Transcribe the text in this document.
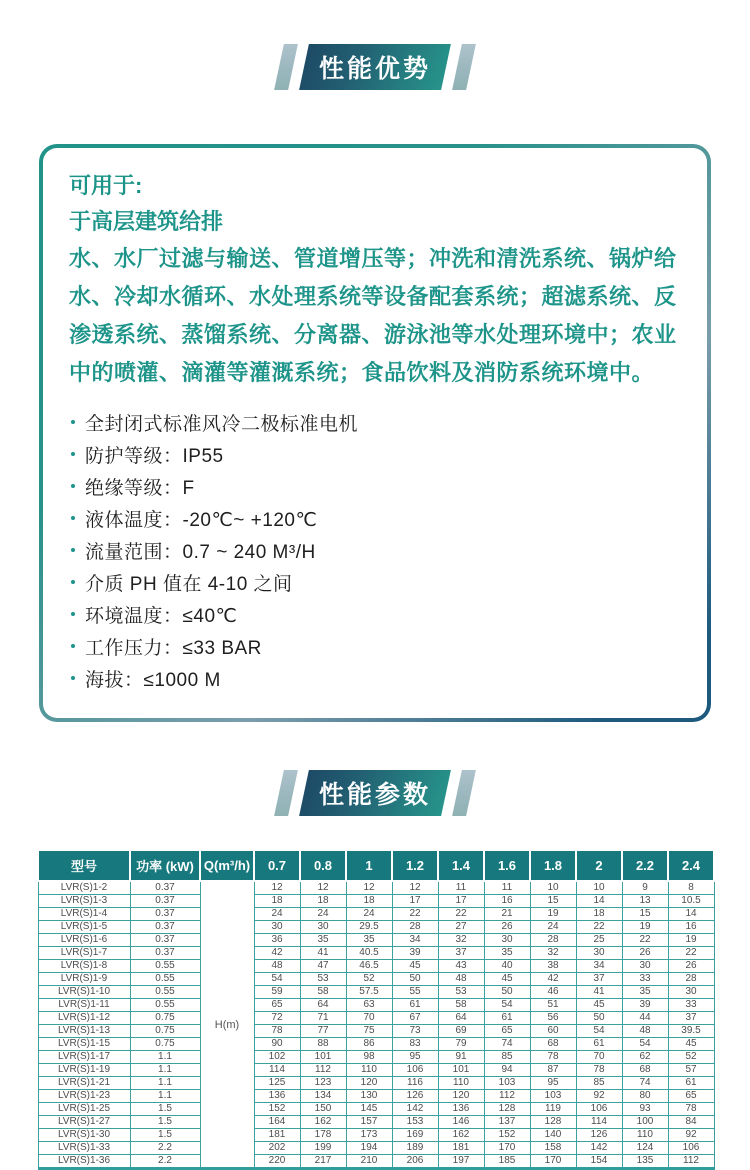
性能优势
可用于:
于高层建筑给排
水、水厂过滤与输送、管道增压等；冲洗和清洗系统、锅炉给水、冷却水循环、水处理系统等设备配套系统；超滤系统、反渗透系统、蒸馏系统、分离器、游泳池等水处理环境中；农业中的喷灌、滴灌等灌溉系统；食品饮料及消防系统环境中。
全封闭式标准风冷二极标准电机
防护等级：IP55
绝缘等级：F
液体温度：-20℃~ +120℃
流量范围：0.7 ~ 240 M³/H
介质 PH 值在 4-10 之间
环境温度：≤40℃
工作压力：≤33 BAR
海拔：≤1000 M
性能参数
型号	功率 (kW)	Q(m³/h)	0.7	0.8	1	1.2	1.4	1.6	1.8	2	2.2	2.4
LVR(S)1-2	0.37	H(m)	12	12	12	12	11	11	10	10	9	8
LVR(S)1-3	0.37		18	18	18	17	17	16	15	14	13	10.5
LVR(S)1-4	0.37		24	24	24	22	22	21	19	18	15	14
LVR(S)1-5	0.37		30	30	29.5	28	27	26	24	22	19	16
LVR(S)1-6	0.37		36	35	35	34	32	30	28	25	22	19
LVR(S)1-7	0.37		42	41	40.5	39	37	35	32	30	26	22
LVR(S)1-8	0.55		48	47	46.5	45	43	40	38	34	30	26
LVR(S)1-9	0.55		54	53	52	50	48	45	42	37	33	28
LVR(S)1-10	0.55		59	58	57.5	55	53	50	46	41	35	30
LVR(S)1-11	0.55		65	64	63	61	58	54	51	45	39	33
LVR(S)1-12	0.75		72	71	70	67	64	61	56	50	44	37
LVR(S)1-13	0.75		78	77	75	73	69	65	60	54	48	39.5
LVR(S)1-15	0.75		90	88	86	83	79	74	68	61	54	45
LVR(S)1-17	1.1		102	101	98	95	91	85	78	70	62	52
LVR(S)1-19	1.1		114	112	110	106	101	94	87	78	68	57
LVR(S)1-21	1.1		125	123	120	116	110	103	95	85	74	61
LVR(S)1-23	1.1		136	134	130	126	120	112	103	92	80	65
LVR(S)1-25	1.5		152	150	145	142	136	128	119	106	93	78
LVR(S)1-27	1.5		164	162	157	153	146	137	128	114	100	84
LVR(S)1-30	1.5		181	178	173	169	162	152	140	126	110	92
LVR(S)1-33	2.2		202	199	194	189	181	170	158	142	124	106
LVR(S)1-36	2.2		220	217	210	206	197	185	170	154	135	112
